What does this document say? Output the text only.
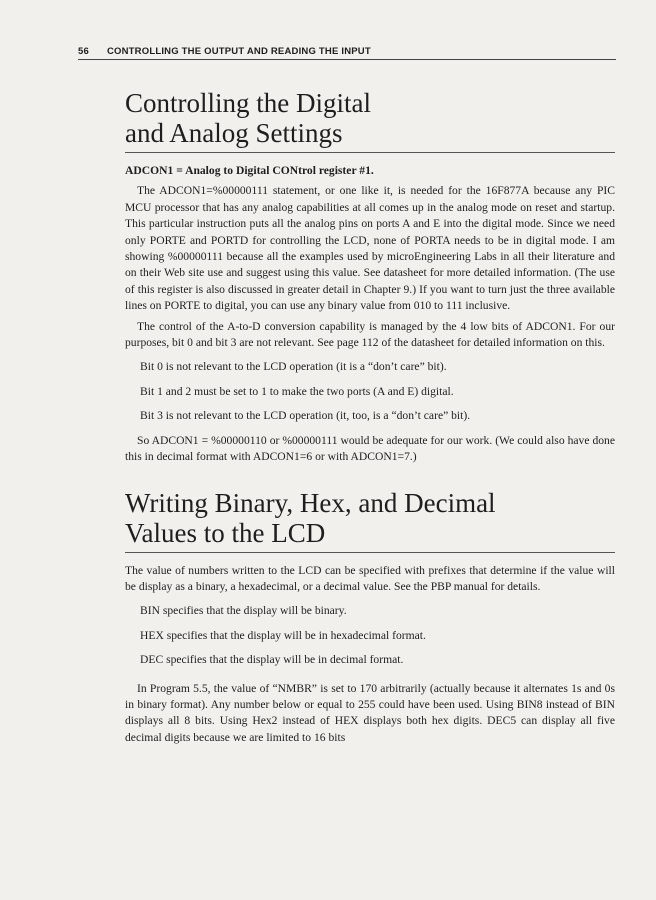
56 CONTROLLING THE OUTPUT AND READING THE INPUT
Controlling the Digital
and Analog Settings

ADCON1 = Analog to Digital CONtrol register #1.

The ADCON1=%00000111 statement, or one like it, is needed for the 16F877A because any PIC MCU processor that has any analog capabilities at all comes up in the analog mode on reset and startup. This particular instruction puts all the analog pins on ports A and E into the digital mode. Since we need only PORTE and PORTD for controlling the LCD, none of PORTA needs to be in digital mode. I am showing %00000111 because all the examples used by microEngineering Labs in all their literature and on their Web site use and suggest using this value. See datasheet for more detailed information. (The use of this register is also discussed in greater detail in Chapter 9.) If you want to turn just the three available lines on PORTE to digital, you can use any binary value from 010 to 111 inclusive.

The control of the A-to-D conversion capability is managed by the 4 low bits of ADCON1. For our purposes, bit 0 and bit 3 are not relevant. See page 112 of the datasheet for detailed information on this.

Bit 0 is not relevant to the LCD operation (it is a “don’t care” bit).

Bit 1 and 2 must be set to 1 to make the two ports (A and E) digital.

Bit 3 is not relevant to the LCD operation (it, too, is a “don’t care” bit).

So ADCON1 = %00000110 or %00000111 would be adequate for our work. (We could also have done this in decimal format with ADCON1=6 or with ADCON1=7.)

Writing Binary, Hex, and Decimal
Values to the LCD

The value of numbers written to the LCD can be specified with prefixes that determine if the value will be display as a binary, a hexadecimal, or a decimal value. See the PBP manual for details.

BIN specifies that the display will be binary.

HEX specifies that the display will be in hexadecimal format.

DEC specifies that the display will be in decimal format.

In Program 5.5, the value of “NMBR” is set to 170 arbitrarily (actually because it alternates 1s and 0s in binary format). Any number below or equal to 255 could have been used. Using BIN8 instead of BIN displays all 8 bits. Using Hex2 instead of HEX displays both hex digits. DEC5 can display all five decimal digits because we are limited to 16 bits
